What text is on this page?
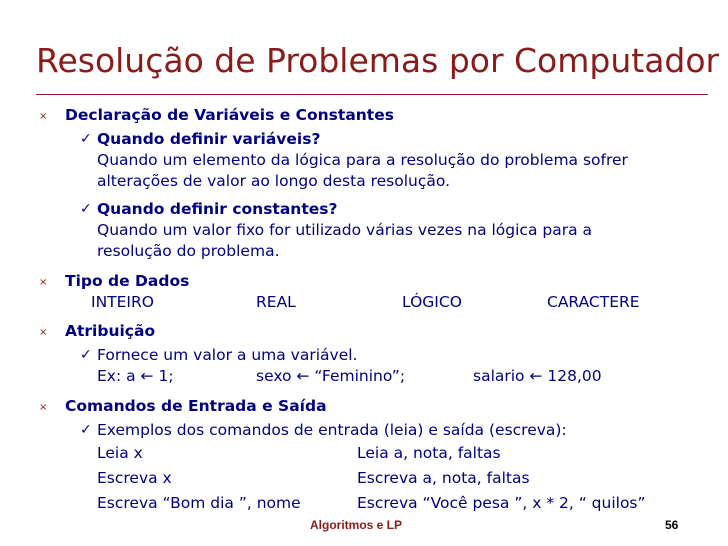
Resolução de Problemas por Computador
× Declaração de Variáveis e Constantes
✓ Quando definir variáveis?
Quando um elemento da lógica para a resolução do problema sofrer
alterações de valor ao longo desta resolução.
✓ Quando definir constantes?
Quando um valor fixo for utilizado várias vezes na lógica para a
resolução do problema.
× Tipo de Dados
INTEIRO	REAL	LÓGICO	CARACTERE
× Atribuição
✓ Fornece um valor a uma variável.
Ex: a ← 1;	sexo ← “Feminino”;	salario ← 128,00
× Comandos de Entrada e Saída
✓ Exemplos dos comandos de entrada (leia) e saída (escreva):
Leia x	Leia a, nota, faltas
Escreva x	Escreva a, nota, faltas
Escreva “Bom dia ”, nome	Escreva “Você pesa ”, x * 2, “ quilos”
Algoritmos e LP	56
